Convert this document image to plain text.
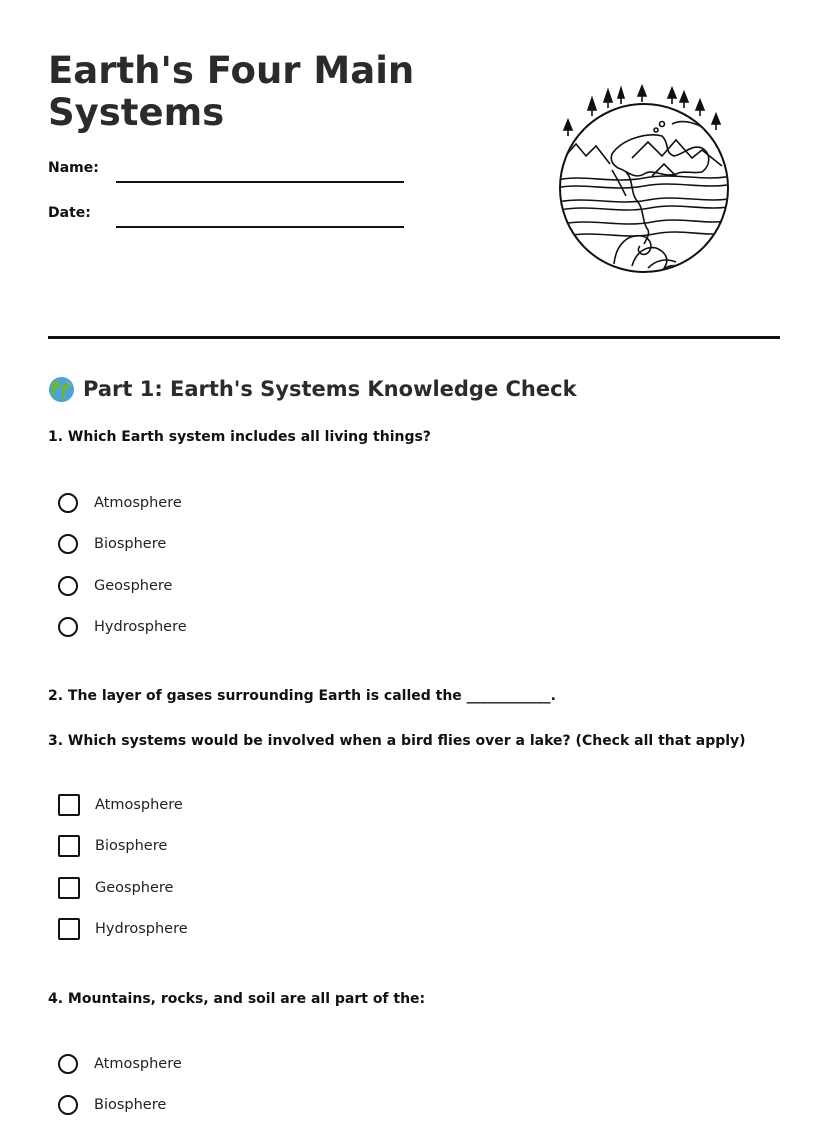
Earth's Four Main Systems
Name:
Date:
Part 1: Earth's Systems Knowledge Check

1. Which Earth system includes all living things?

Atmosphere
Biosphere
Geosphere
Hydrosphere

2. The layer of gases surrounding Earth is called the ____________.

3. Which systems would be involved when a bird flies over a lake? (Check all that apply)

Atmosphere
Biosphere
Geosphere
Hydrosphere

4. Mountains, rocks, and soil are all part of the:

Atmosphere
Biosphere
